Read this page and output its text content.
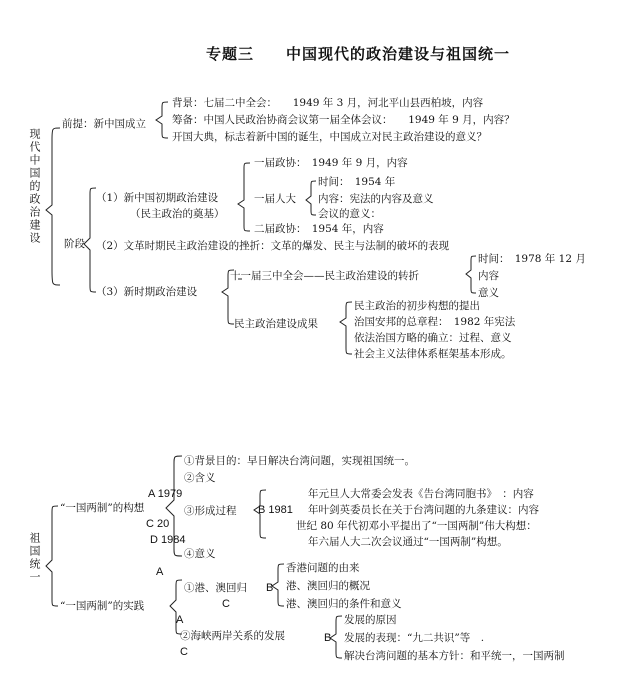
专题三　　中国现代的政治建设与祖国统一
现代中国的政治建设
前提：新中国成立
背景：七届二中全会：　　1949 年 3 月，河北平山县西柏坡，内容
筹备：中国人民政治协商会议第一届全体会议：　　1949 年 9 月，内容？
开国大典，标志着新中国的诞生，中国成立对民主政治建设的意义？
阶段
（1）新中国初期政治建设
（民主政治的奠基）
一届政协：　1949 年 9 月，内容
一届人大
时间：　1954 年
内容：宪法的内容及意义
会议的意义：
二届政协：　1954 年，内容
（2）文革时期民主政治建设的挫折：文革的爆发、民主与法制的破坏的表现
（3）新时期政治建设
十一届三中全会——民主政治建设的转折
时间：　1978 年 12 月
内容
意义
民主政治建设成果
民主政治的初步构想的提出
治国安邦的总章程：　1982 年宪法
依法治国方略的确立：过程、意义
社会主义法律体系框架基本形成。
祖国统一
“一国两制”的构想
①背景目的：早日解决台湾问题，实现祖国统一。
②含义
③形成过程
④意义
A 1979
C 20
D 1984
A
B 1981
A
C
B
B
C
年元旦人大常委会发表《告台湾同胞书》　：内容
年叶剑英委员长在关于台湾问题的九条建议：内容
世纪 80 年代初邓小平提出了“一国两制”伟大构想：
年六届人大二次会议通过“一国两制”构想。
“一国两制”的实践
①港、澳回归
香港问题的由来
港、澳回归的概况
港、澳回归的条件和意义
②海峡两岸关系的发展
发展的原因
发展的表现：“九二共识”等　.
解决台湾问题的基本方针：和平统一，一国两制
